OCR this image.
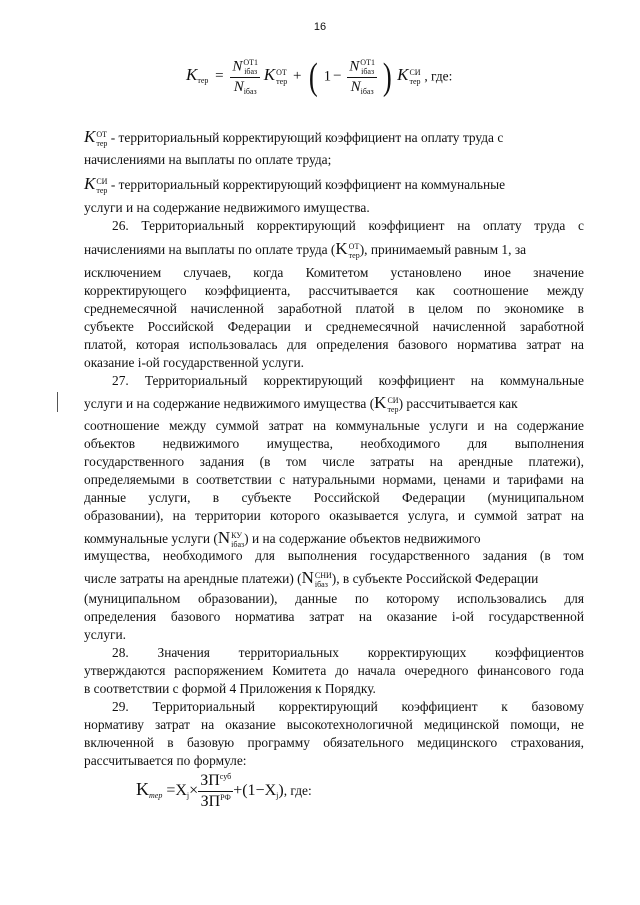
16
$K_{тер} = N$ ОТ1
iбаз
$N_{iбаз}$ K ОТ
тер + ( 1 − N ОТ1
iбаз
$N_{iбаз}$ ) K СИ
тер , где:
K ОТ
тер - территориальный корректирующий коэффициент на оплату труда с
начислениями на выплаты по оплате труда;
K СИ
тер - территориальный корректирующий коэффициент на коммунальные
услуги и на содержание недвижимого имущества.
26. Территориальный корректирующий коэффициент на оплату труда с
начислениями на выплаты по оплате труда (K ОТ
тер ), принимаемый равным 1, за
исключением случаев, когда Комитетом установлено иное значение
корректирующего коэффициента, рассчитывается как соотношение между
среднемесячной начисленной заработной платой в целом по экономике в
субъекте Российской Федерации и среднемесячной начисленной заработной
платой, которая использовалась для определения базового норматива затрат на
оказание i-ой государственной услуги.
27. Территориальный корректирующий коэффициент на коммунальные
услуги и на содержание недвижимого имущества (K СИ
тер ) рассчитывается как
соотношение между суммой затрат на коммунальные услуги и на содержание
объектов недвижимого имущества, необходимого для выполнения
государственного задания (в том числе затраты на арендные платежи),
определяемыми в соответствии с натуральными нормами, ценами и тарифами на
данные услуги, в субъекте Российской Федерации (муниципальном
образовании), на территории которого оказывается услуга, и суммой затрат на
коммунальные услуги (N КУ
iбаз ) и на содержание объектов недвижимого
имущества, необходимого для выполнения государственного задания (в том
числе затраты на арендные платежи) (N СНИ
iбаз ), в субъекте Российской Федерации
(муниципальном образовании), данные по которому использовались для
определения базового норматива затрат на оказание i-ой государственной
услуги.
28. Значения территориальных корректирующих коэффициентов
утверждаются распоряжением Комитета до начала очередного финансового года
в соответствии с формой 4 Приложения к Порядку.
29. Территориальный корректирующий коэффициент к базовому
нормативу затрат на оказание высокотехнологичной медицинской помощи, не
включенной в базовую программу обязательного медицинского страхования,
рассчитывается по формуле:
$K_{тер} =X_j\times \frac{ЗП^{суб}}{ЗП^{РФ}} +(1-X_j)$, где:
